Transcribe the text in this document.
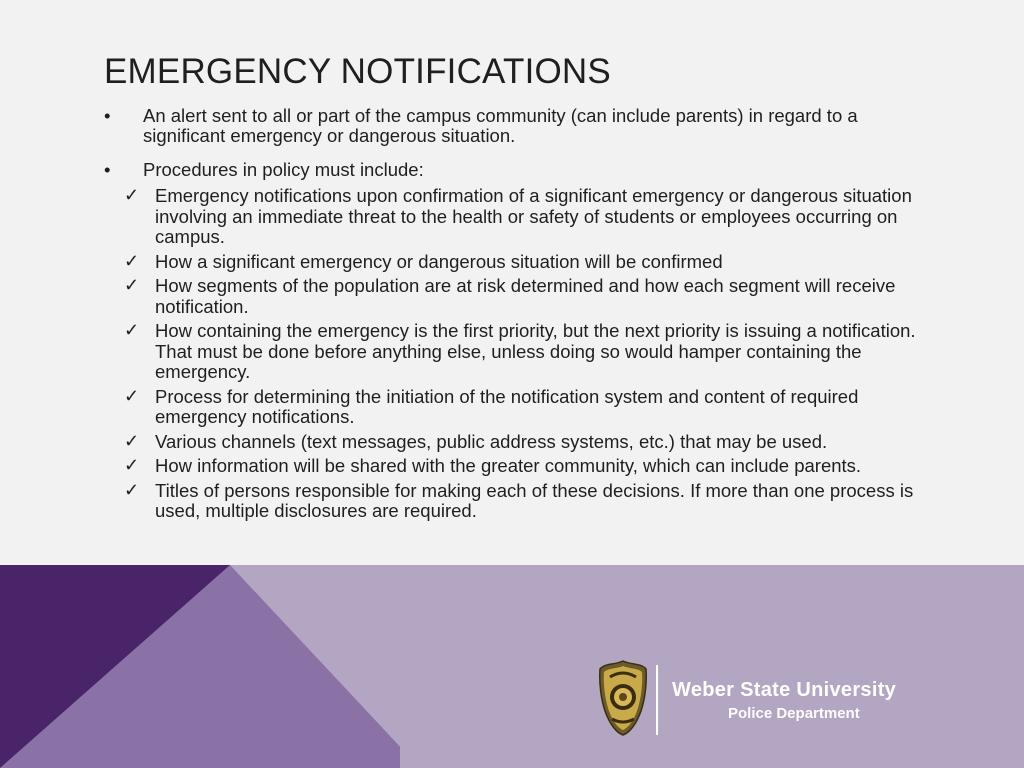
EMERGENCY NOTIFICATIONS
• An alert sent to all or part of the campus community (can include parents) in regard to a significant emergency or dangerous situation.
• Procedures in policy must include:
✓ Emergency notifications upon confirmation of a significant emergency or dangerous situation involving an immediate threat to the health or safety of students or employees occurring on campus.
✓ How a significant emergency or dangerous situation will be confirmed
✓ How segments of the population are at risk determined and how each segment will receive notification.
✓ How containing the emergency is the first priority, but the next priority is issuing a notification. That must be done before anything else, unless doing so would hamper containing the emergency.
✓ Process for determining the initiation of the notification system and content of required emergency notifications.
✓ Various channels (text messages, public address systems, etc.) that may be used.
✓ How information will be shared with the greater community, which can include parents.
✓ Titles of persons responsible for making each of these decisions. If more than one process is used, multiple disclosures are required.
Weber State University
Police Department
